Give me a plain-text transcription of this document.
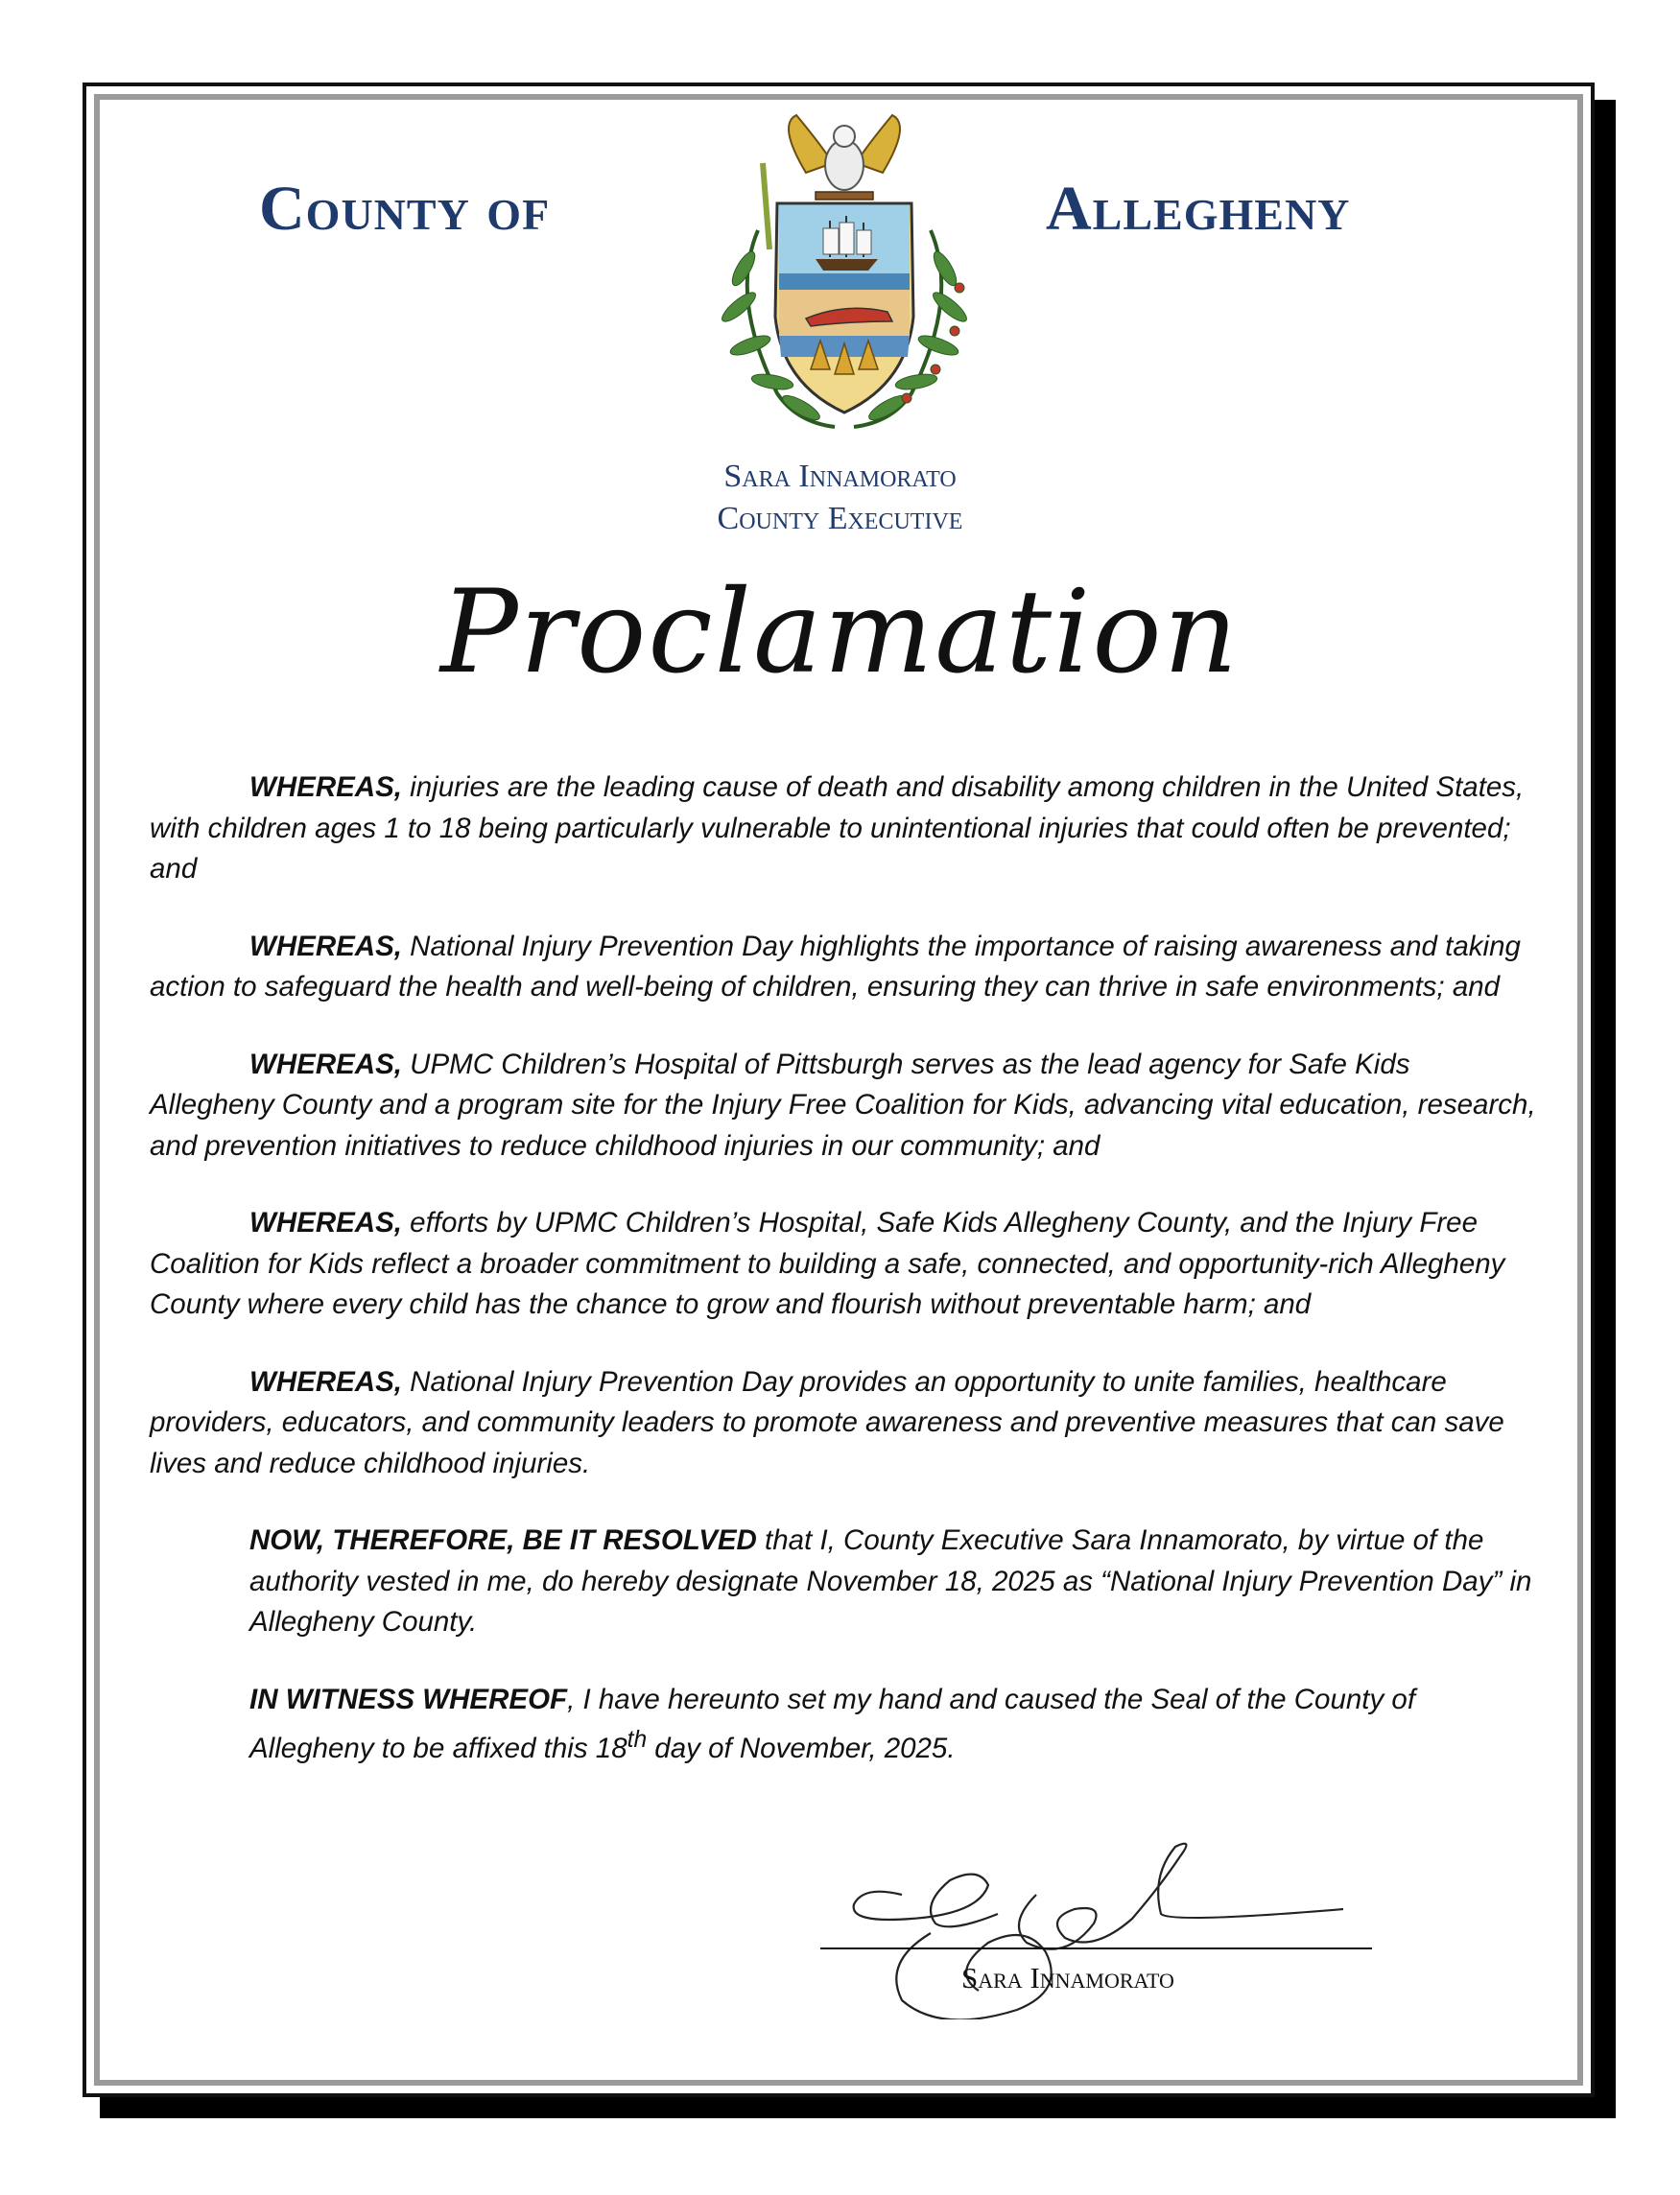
County of	Allegheny
Sara Innamorato
County Executive
Proclamation

WHEREAS, injuries are the leading cause of death and disability among children in the United States, with children ages 1 to 18 being particularly vulnerable to unintentional injuries that could often be prevented; and

WHEREAS, National Injury Prevention Day highlights the importance of raising awareness and taking action to safeguard the health and well-being of children, ensuring they can thrive in safe environments; and

WHEREAS, UPMC Children’s Hospital of Pittsburgh serves as the lead agency for Safe Kids Allegheny County and a program site for the Injury Free Coalition for Kids, advancing vital education, research, and prevention initiatives to reduce childhood injuries in our community; and

WHEREAS, efforts by UPMC Children’s Hospital, Safe Kids Allegheny County, and the Injury Free Coalition for Kids reflect a broader commitment to building a safe, connected, and opportunity-rich Allegheny County where every child has the chance to grow and flourish without preventable harm; and

WHEREAS, National Injury Prevention Day provides an opportunity to unite families, healthcare providers, educators, and community leaders to promote awareness and preventive measures that can save lives and reduce childhood injuries.

NOW, THEREFORE, BE IT RESOLVED that I, County Executive Sara Innamorato, by virtue of the authority vested in me, do hereby designate November 18, 2025 as “National Injury Prevention Day” in Allegheny County.

IN WITNESS WHEREOF, I have hereunto set my hand and caused the Seal of the County of Allegheny to be affixed this 18th day of November, 2025.

Sara Innamorato
